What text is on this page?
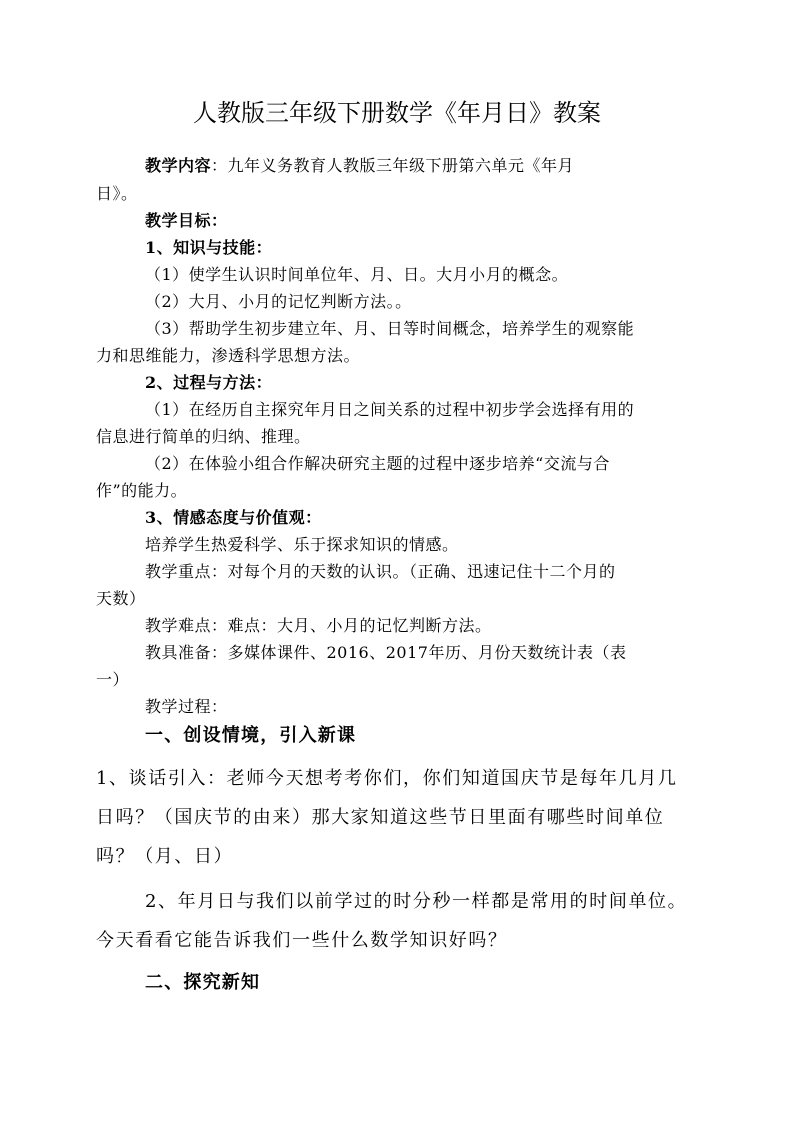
人教版三年级下册数学《年月日》教案
教学内容：九年义务教育人教版三年级下册第六单元《年月
日》。
教学目标：
1、知识与技能：
（1）使学生认识时间单位年、月、日。大月小月的概念。
（2）大月、小月的记忆判断方法。。
（3）帮助学生初步建立年、月、日等时间概念，培养学生的观察能
力和思维能力，渗透科学思想方法。
2、过程与方法：
（1）在经历自主探究年月日之间关系的过程中初步学会选择有用的
信息进行简单的归纳、推理。
（2）在体验小组合作解决研究主题的过程中逐步培养“交流与合
作”的能力。
3、情感态度与价值观：
培养学生热爱科学、乐于探求知识的情感。
教学重点：对每个月的天数的认识。（正确、迅速记住十二个月的
天数）
教学难点：难点：大月、小月的记忆判断方法。
教具准备：多媒体课件、2016、2017年历、月份天数统计表（表
一）
教学过程：
一、创设情境，引入新课
1、谈话引入：老师今天想考考你们，你们知道国庆节是每年几月几
日吗？（国庆节的由来）那大家知道这些节日里面有哪些时间单位
吗？（月、日）
2、年月日与我们以前学过的时分秒一样都是常用的时间单位。
今天看看它能告诉我们一些什么数学知识好吗？
二、探究新知
